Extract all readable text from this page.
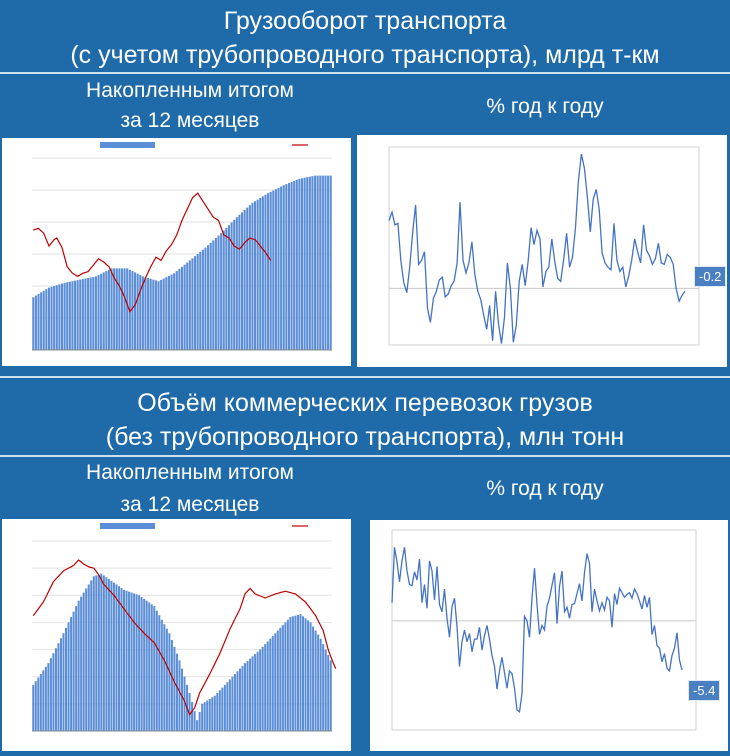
Грузооборот транспорта
(с учетом трубопроводного транспорта), млрд т-км
Накопленным итогом
за 12 месяцев
% год к году
-0.2
Объём коммерческих перевозок грузов
(без трубопроводного транспорта), млн тонн
Накопленным итогом
за 12 месяцев
% год к году
-5.4
